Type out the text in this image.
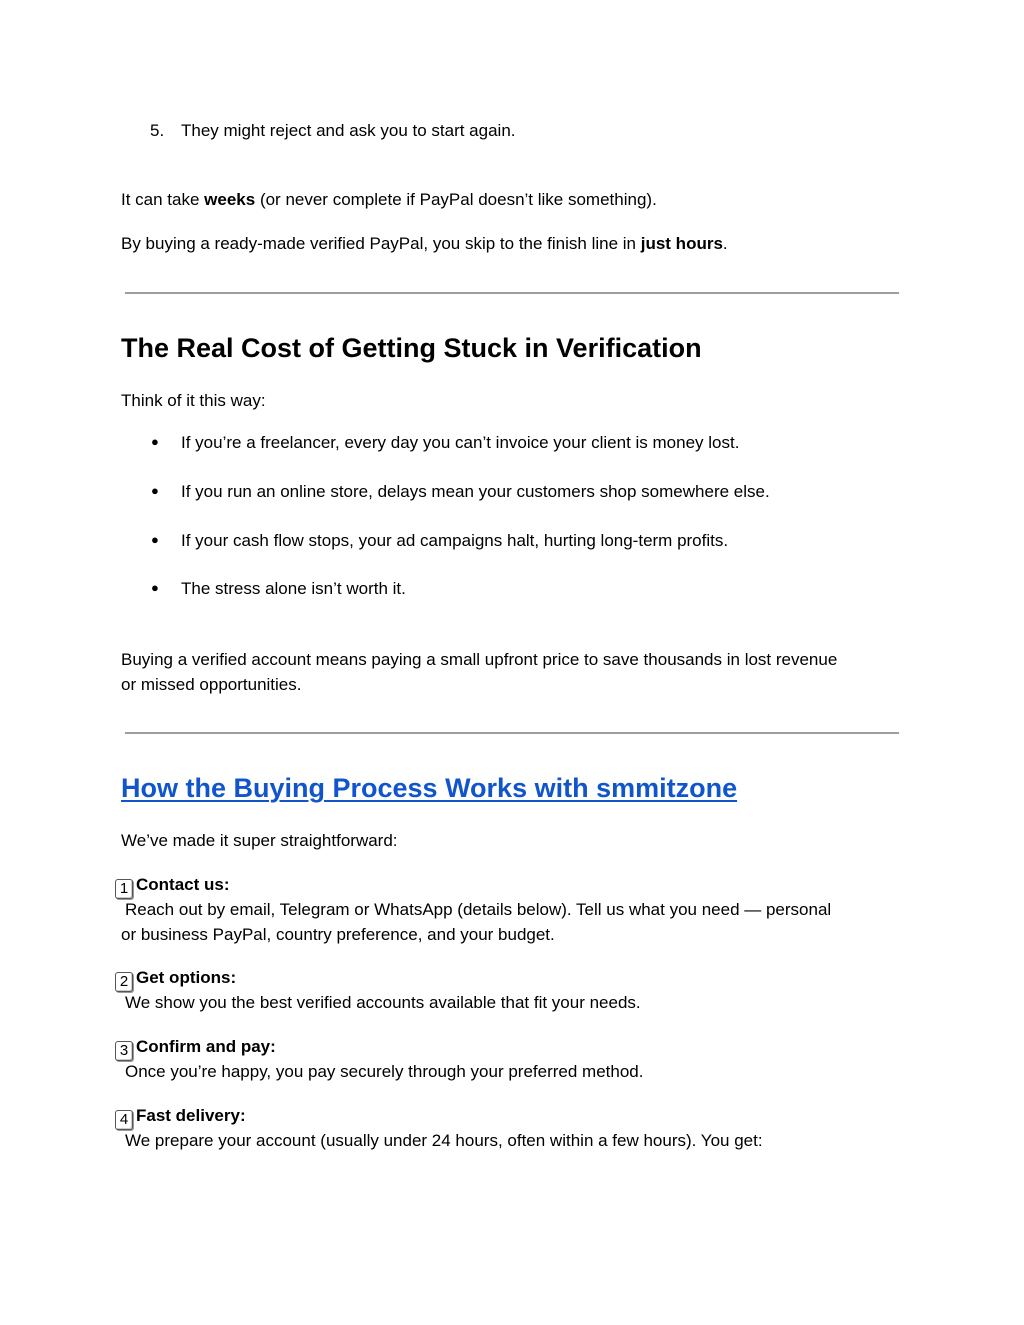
5. They might reject and ask you to start again.
It can take weeks (or never complete if PayPal doesn’t like something).
By buying a ready-made verified PayPal, you skip to the finish line in just hours.
The Real Cost of Getting Stuck in Verification
Think of it this way:
● If you’re a freelancer, every day you can’t invoice your client is money lost.
● If you run an online store, delays mean your customers shop somewhere else.
● If your cash flow stops, your ad campaigns halt, hurting long-term profits.
● The stress alone isn’t worth it.
Buying a verified account means paying a small upfront price to save thousands in lost revenue
or missed opportunities.
How the Buying Process Works with smmitzone
We’ve made it super straightforward:
1 Contact us:
Reach out by email, Telegram or WhatsApp (details below). Tell us what you need — personal
or business PayPal, country preference, and your budget.
2 Get options:
We show you the best verified accounts available that fit your needs.
3 Confirm and pay:
Once you’re happy, you pay securely through your preferred method.
4 Fast delivery:
We prepare your account (usually under 24 hours, often within a few hours). You get:
